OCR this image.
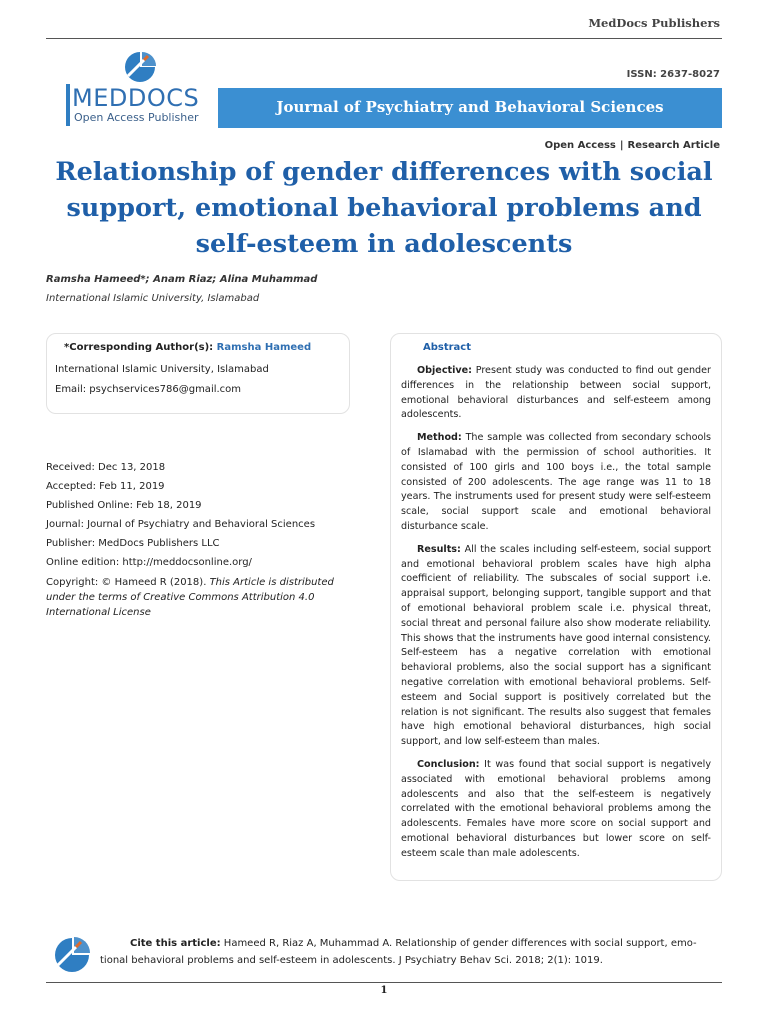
MedDocs Publishers
MEDDOCS
Open Access Publisher
ISSN: 2637-8027
Journal of Psychiatry and Behavioral Sciences
Open Access | Research Article
Relationship of gender differences with social
support, emotional behavioral problems and
self-esteem in adolescents
Ramsha Hameed*; Anam Riaz; Alina Muhammad
International Islamic University, Islamabad
*Corresponding Author(s): Ramsha Hameed
International Islamic University, Islamabad
Email: psychservices786@gmail.com
Received: Dec 13, 2018
Accepted: Feb 11, 2019
Published Online: Feb 18, 2019
Journal: Journal of Psychiatry and Behavioral Sciences
Publisher: MedDocs Publishers LLC
Online edition: http://meddocsonline.org/
Copyright: © Hameed R (2018). This Article is distributed under the terms of Creative Commons Attribution 4.0 International License
Abstract

Objective: Present study was conducted to find out gender differences in the relationship between social support, emotional behavioral disturbances and self-esteem among adolescents.

Method: The sample was collected from secondary schools of Islamabad with the permission of school authorities. It consisted of 100 girls and 100 boys i.e., the total sample consisted of 200 adolescents. The age range was 11 to 18 years. The instruments used for present study were self-esteem scale, social support scale and emotional behavioral disturbance scale.

Results: All the scales including self-esteem, social support and emotional behavioral problem scales have high alpha coefficient of reliability. The subscales of social support i.e. appraisal support, belonging support, tangible support and that of emotional behavioral problem scale i.e. physical threat, social threat and personal failure also show moderate reliability. This shows that the instruments have good internal consistency. Self-esteem has a negative correlation with emotional behavioral problems, also the social support has a significant negative correlation with emotional behavioral problems. Self-esteem and Social support is positively correlated but the relation is not significant. The results also suggest that females have high emotional behavioral disturbances, high social support, and low self-esteem than males.

Conclusion: It was found that social support is negatively associated with emotional behavioral problems among adolescents and also that the self-esteem is negatively correlated with the emotional behavioral problems among the adolescents. Females have more score on social support and emotional behavioral disturbances but lower score on self-esteem scale than male adolescents.

Cite this article: Hameed R, Riaz A, Muhammad A. Relationship of gender differences with social support, emo-
tional behavioral problems and self-esteem in adolescents. J Psychiatry Behav Sci. 2018; 2(1): 1019.
1
